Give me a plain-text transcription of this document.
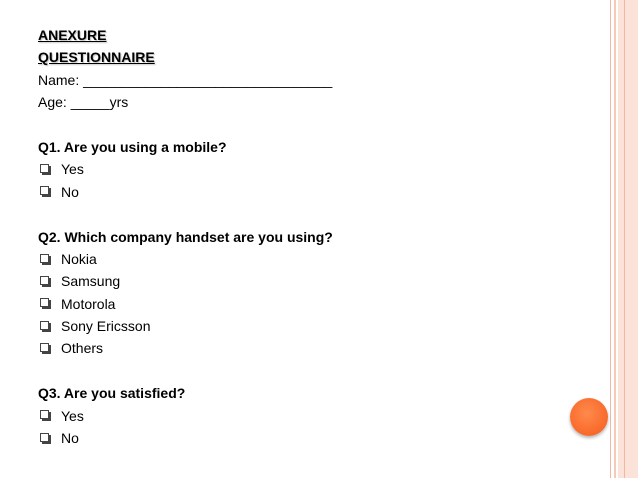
ANEXURE
QUESTIONNAIRE
Name: ________________________________
Age: _____yrs
Q1. Are you using a mobile?
Yes
No
Q2. Which company handset are you using?
Nokia
Samsung
Motorola
Sony Ericsson
Others
Q3. Are you satisfied?
Yes
No
